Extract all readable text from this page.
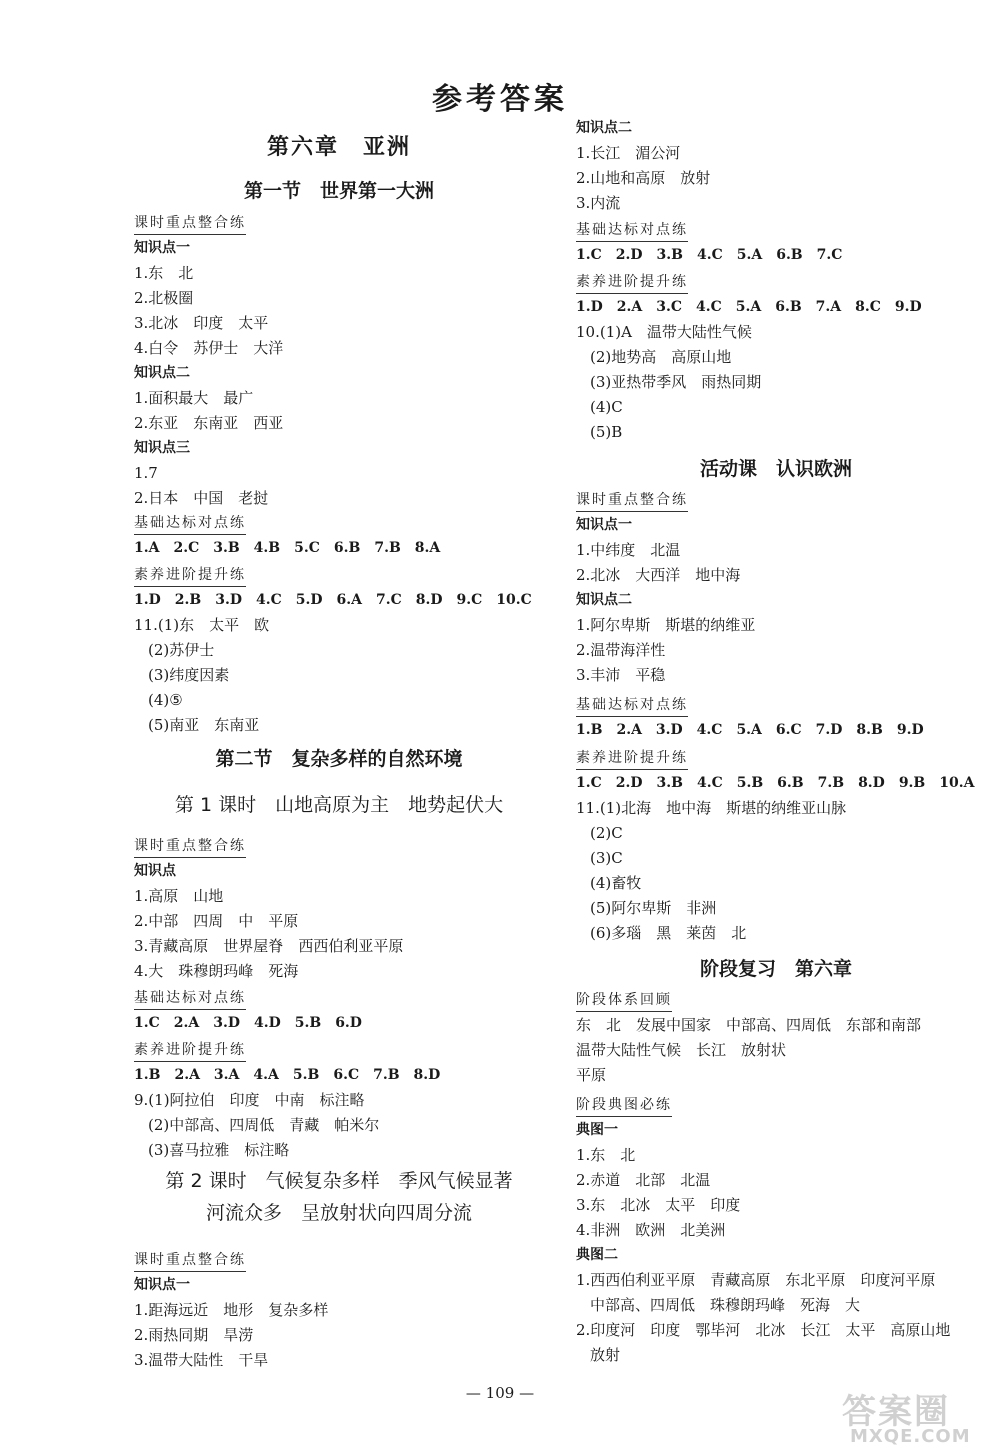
参考答案
第六章　亚洲
第一节　世界第一大洲
课时重点整合练
知识点一
1.东　北
2.北极圈
3.北冰　印度　太平
4.白令　苏伊士　大洋
知识点二
1.面积最大　最广
2.东亚　东南亚　西亚
知识点三
1.7
2.日本　中国　老挝
基础达标对点练
1.A　2.C　3.B　4.B　5.C　6.B　7.B　8.A
素养进阶提升练
1.D　2.B　3.D　4.C　5.D　6.A　7.C　8.D　9.C　10.C
11.(1)东　太平　欧
(2)苏伊士
(3)纬度因素
(4)⑤
(5)南亚　东南亚
第二节　复杂多样的自然环境
第 1 课时　山地高原为主　地势起伏大
课时重点整合练
知识点
1.高原　山地
2.中部　四周　中　平原
3.青藏高原　世界屋脊　西西伯利亚平原
4.大　珠穆朗玛峰　死海
基础达标对点练
1.C　2.A　3.D　4.D　5.B　6.D
素养进阶提升练
1.B　2.A　3.A　4.A　5.B　6.C　7.B　8.D
9.(1)阿拉伯　印度　中南　标注略
(2)中部高、四周低　青藏　帕米尔
(3)喜马拉雅　标注略
第 2 课时　气候复杂多样　季风气候显著
河流众多　呈放射状向四周分流
课时重点整合练
知识点一
1.距海远近　地形　复杂多样
2.雨热同期　旱涝
3.温带大陆性　干旱
知识点二
1.长江　湄公河
2.山地和高原　放射
3.内流
基础达标对点练
1.C　2.D　3.B　4.C　5.A　6.B　7.C
素养进阶提升练
1.D　2.A　3.C　4.C　5.A　6.B　7.A　8.C　9.D
10.(1)A　温带大陆性气候
(2)地势高　高原山地
(3)亚热带季风　雨热同期
(4)C
(5)B
活动课　认识欧洲
课时重点整合练
知识点一
1.中纬度　北温
2.北冰　大西洋　地中海
知识点二
1.阿尔卑斯　斯堪的纳维亚
2.温带海洋性
3.丰沛　平稳
基础达标对点练
1.B　2.A　3.D　4.C　5.A　6.C　7.D　8.B　9.D
素养进阶提升练
1.C　2.D　3.B　4.C　5.B　6.B　7.B　8.D　9.B　10.A
11.(1)北海　地中海　斯堪的纳维亚山脉
(2)C
(3)C
(4)畜牧
(5)阿尔卑斯　非洲
(6)多瑙　黑　莱茵　北
阶段复习　第六章
阶段体系回顾
东　北　发展中国家　中部高、四周低　东部和南部
温带大陆性气候　长江　放射状
平原
阶段典图必练
典图一
1.东　北
2.赤道　北部　北温
3.东　北冰　太平　印度
4.非洲　欧洲　北美洲
典图二
1.西西伯利亚平原　青藏高原　东北平原　印度河平原
中部高、四周低　珠穆朗玛峰　死海　大
2.印度河　印度　鄂毕河　北冰　长江　太平　高原山地
放射
— 109 —	答案圈
MXQE.COM
